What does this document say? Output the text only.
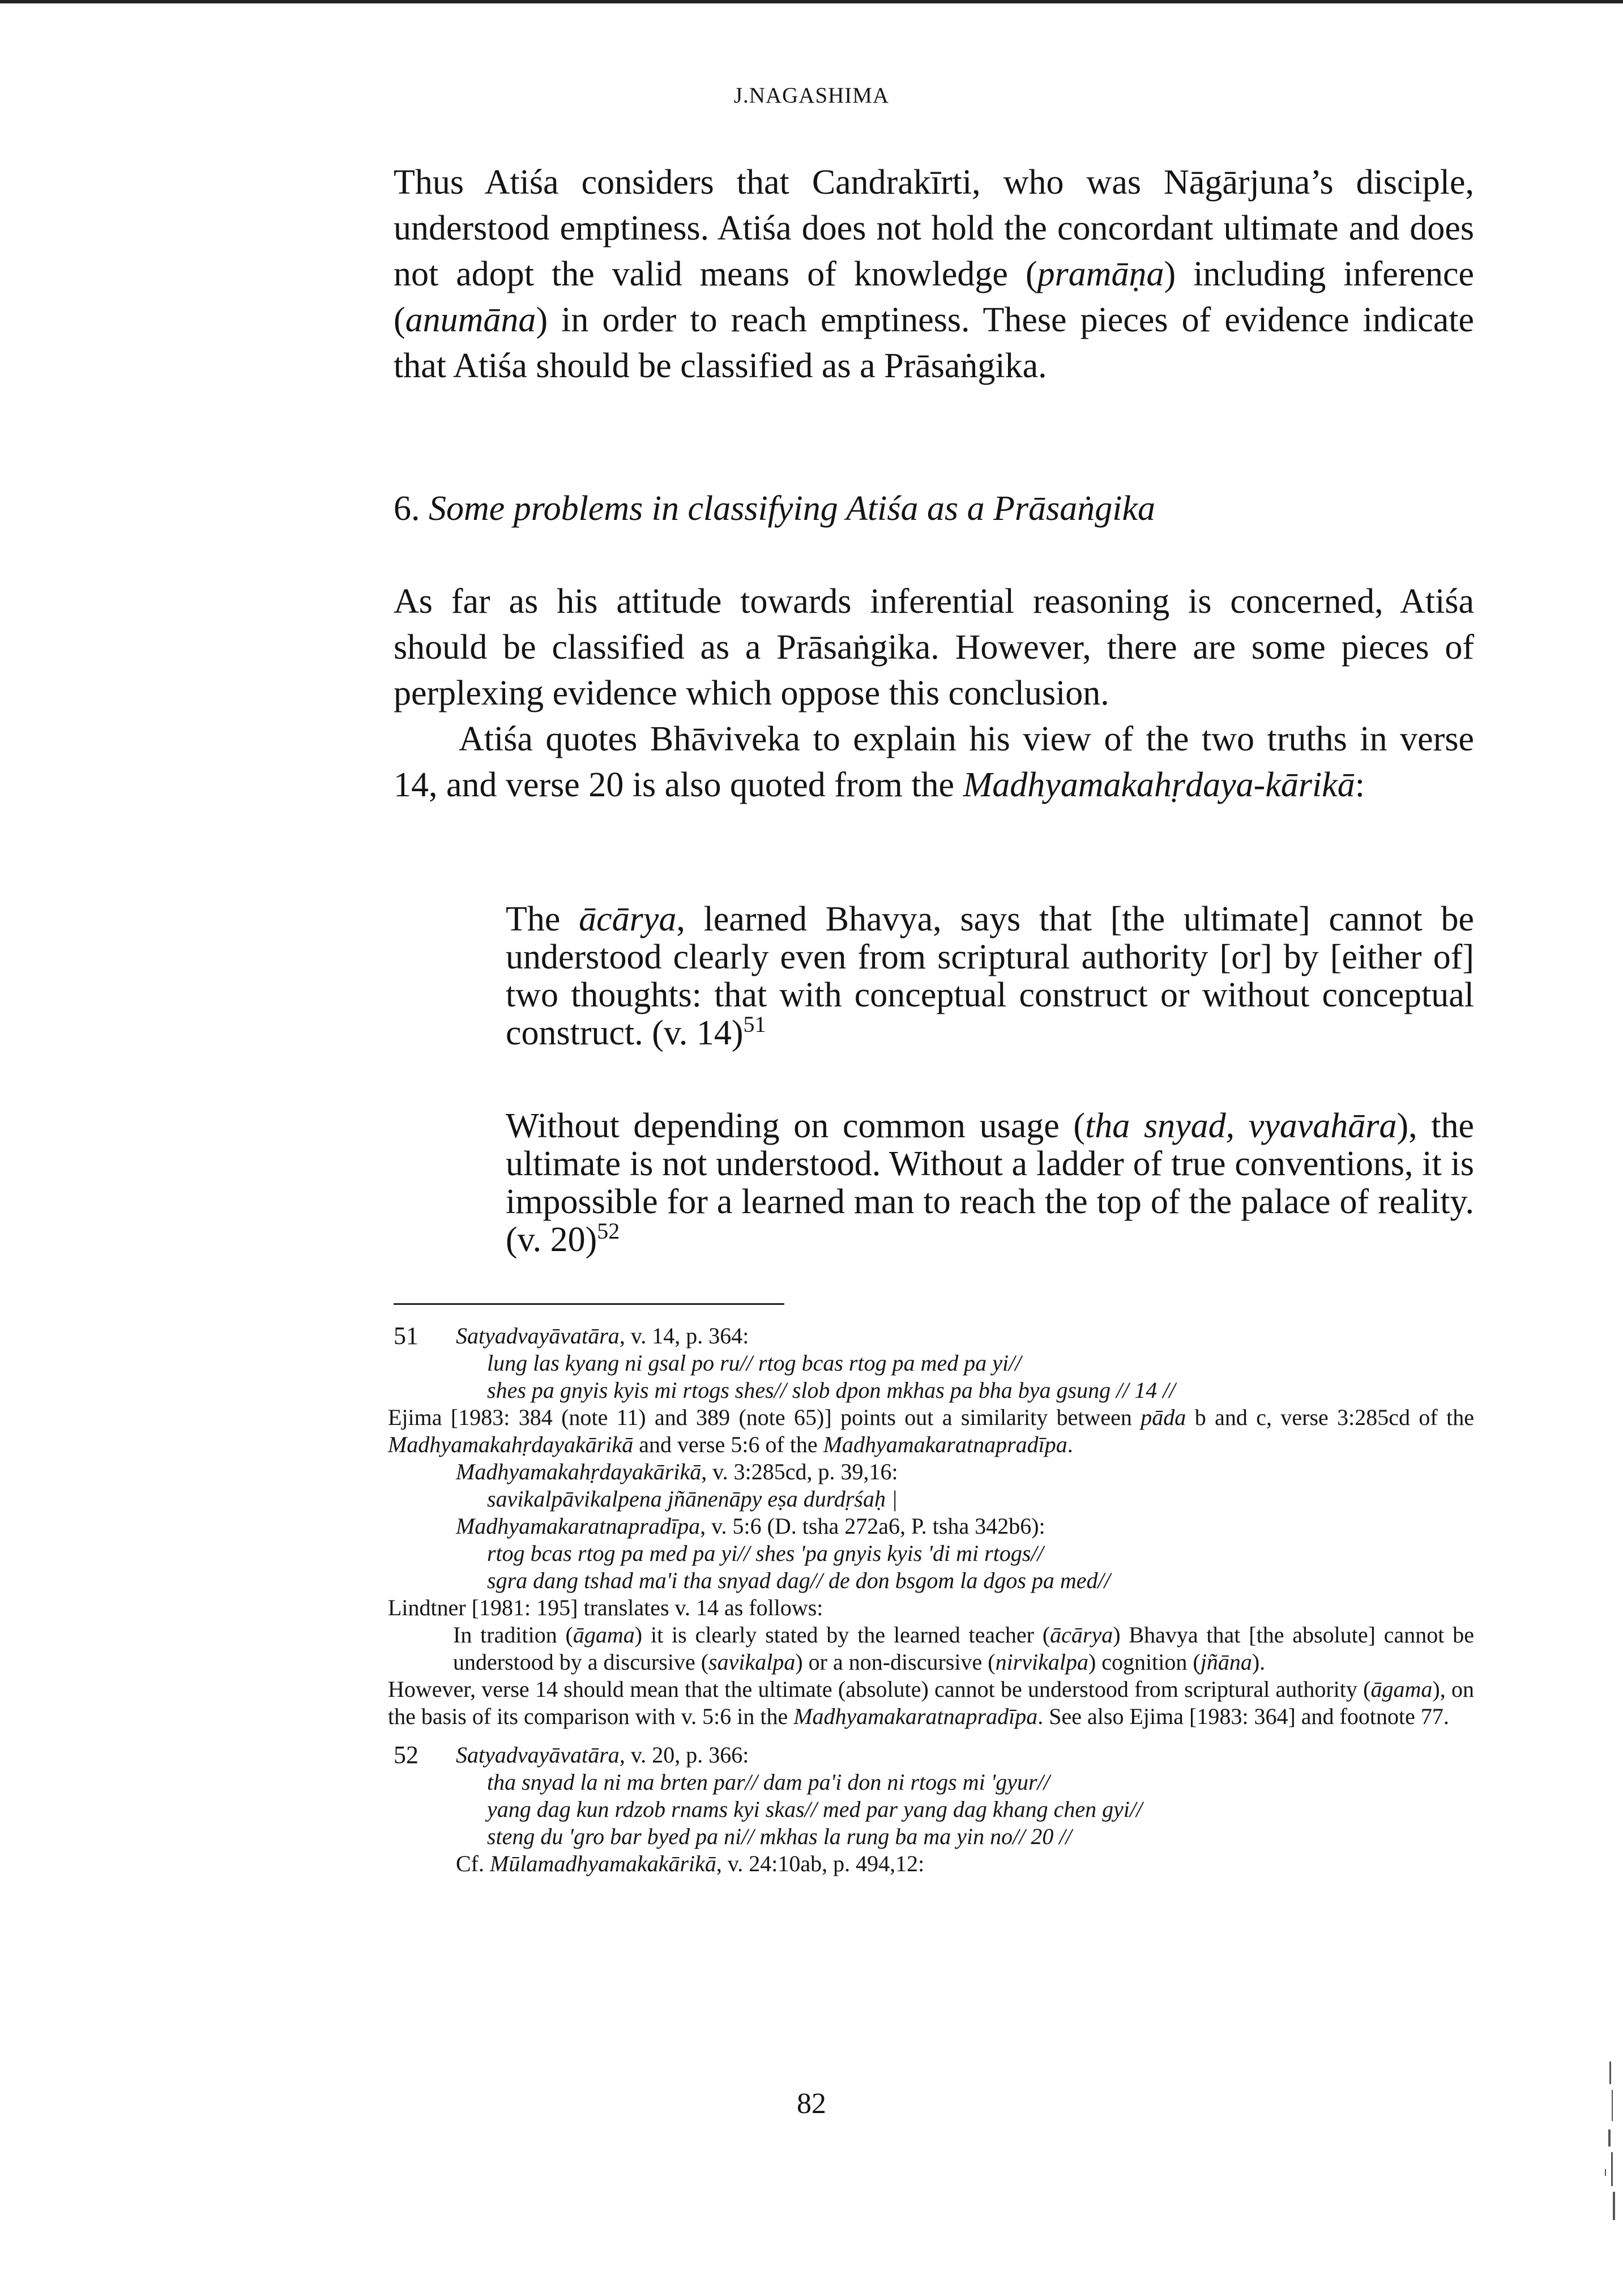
J.NAGASHIMA

Thus Atiśa considers that Candrakīrti, who was Nāgārjuna’s disciple, understood emptiness. Atiśa does not hold the concordant ultimate and does not adopt the valid means of knowledge (pramāṇa) including inference (anumāna) in order to reach emptiness. These pieces of evidence indicate that Atiśa should be classified as a Prāsaṅgika.

6. Some problems in classifying Atiśa as a Prāsaṅgika

As far as his attitude towards inferential reasoning is concerned, Atiśa should be classified as a Prāsaṅgika. However, there are some pieces of perplexing evidence which oppose this conclusion.

Atiśa quotes Bhāviveka to explain his view of the two truths in verse 14, and verse 20 is also quoted from the Madhyamakahṛdaya-kārikā:

The ācārya, learned Bhavya, says that [the ultimate] cannot be understood clearly even from scriptural authority [or] by [either of] two thoughts: that with conceptual construct or without conceptual construct. (v. 14)$^{51}$

Without depending on common usage (tha snyad, vyavahāra), the ultimate is not understood. Without a ladder of true conventions, it is impossible for a learned man to reach the top of the palace of reality. (v. 20)$^{52}$

51	Satyadvayāvatāra, v. 14, p. 364:

lung las kyang ni gsal po ru// rtog bcas rtog pa med pa yi//

shes pa gnyis kyis mi rtogs shes// slob dpon mkhas pa bha bya gsung // 14 //

Ejima [1983: 384 (note 11) and 389 (note 65)] points out a similarity between pāda b and c, verse 3:285cd of the Madhyamakahṛdayakārikā and verse 5:6 of the Madhyamakaratnapradīpa.

Madhyamakahṛdayakārikā, v. 3:285cd, p. 39,16:

savikalpāvikalpena jñānenāpy eṣa durdṛśaḥ |

Madhyamakaratnapradīpa, v. 5:6 (D. tsha 272a6, P. tsha 342b6):

rtog bcas rtog pa med pa yi// shes 'pa gnyis kyis 'di mi rtogs//

sgra dang tshad ma'i tha snyad dag// de don bsgom la dgos pa med//

Lindtner [1981: 195] translates v. 14 as follows:

In tradition (āgama) it is clearly stated by the learned teacher (ācārya) Bhavya that [the absolute] cannot be understood by a discursive (savikalpa) or a non-discursive (nirvikalpa) cognition (jñāna).

However, verse 14 should mean that the ultimate (absolute) cannot be understood from scriptural authority (āgama), on the basis of its comparison with v. 5:6 in the Madhyamakaratnapradīpa. See also Ejima [1983: 364] and footnote 77.

52	Satyadvayāvatāra, v. 20, p. 366:

tha snyad la ni ma brten par// dam pa'i don ni rtogs mi 'gyur//

yang dag kun rdzob rnams kyi skas// med par yang dag khang chen gyi//

steng du 'gro bar byed pa ni// mkhas la rung ba ma yin no// 20 //

Cf. Mūlamadhyamakakārikā, v. 24:10ab, p. 494,12:

82
